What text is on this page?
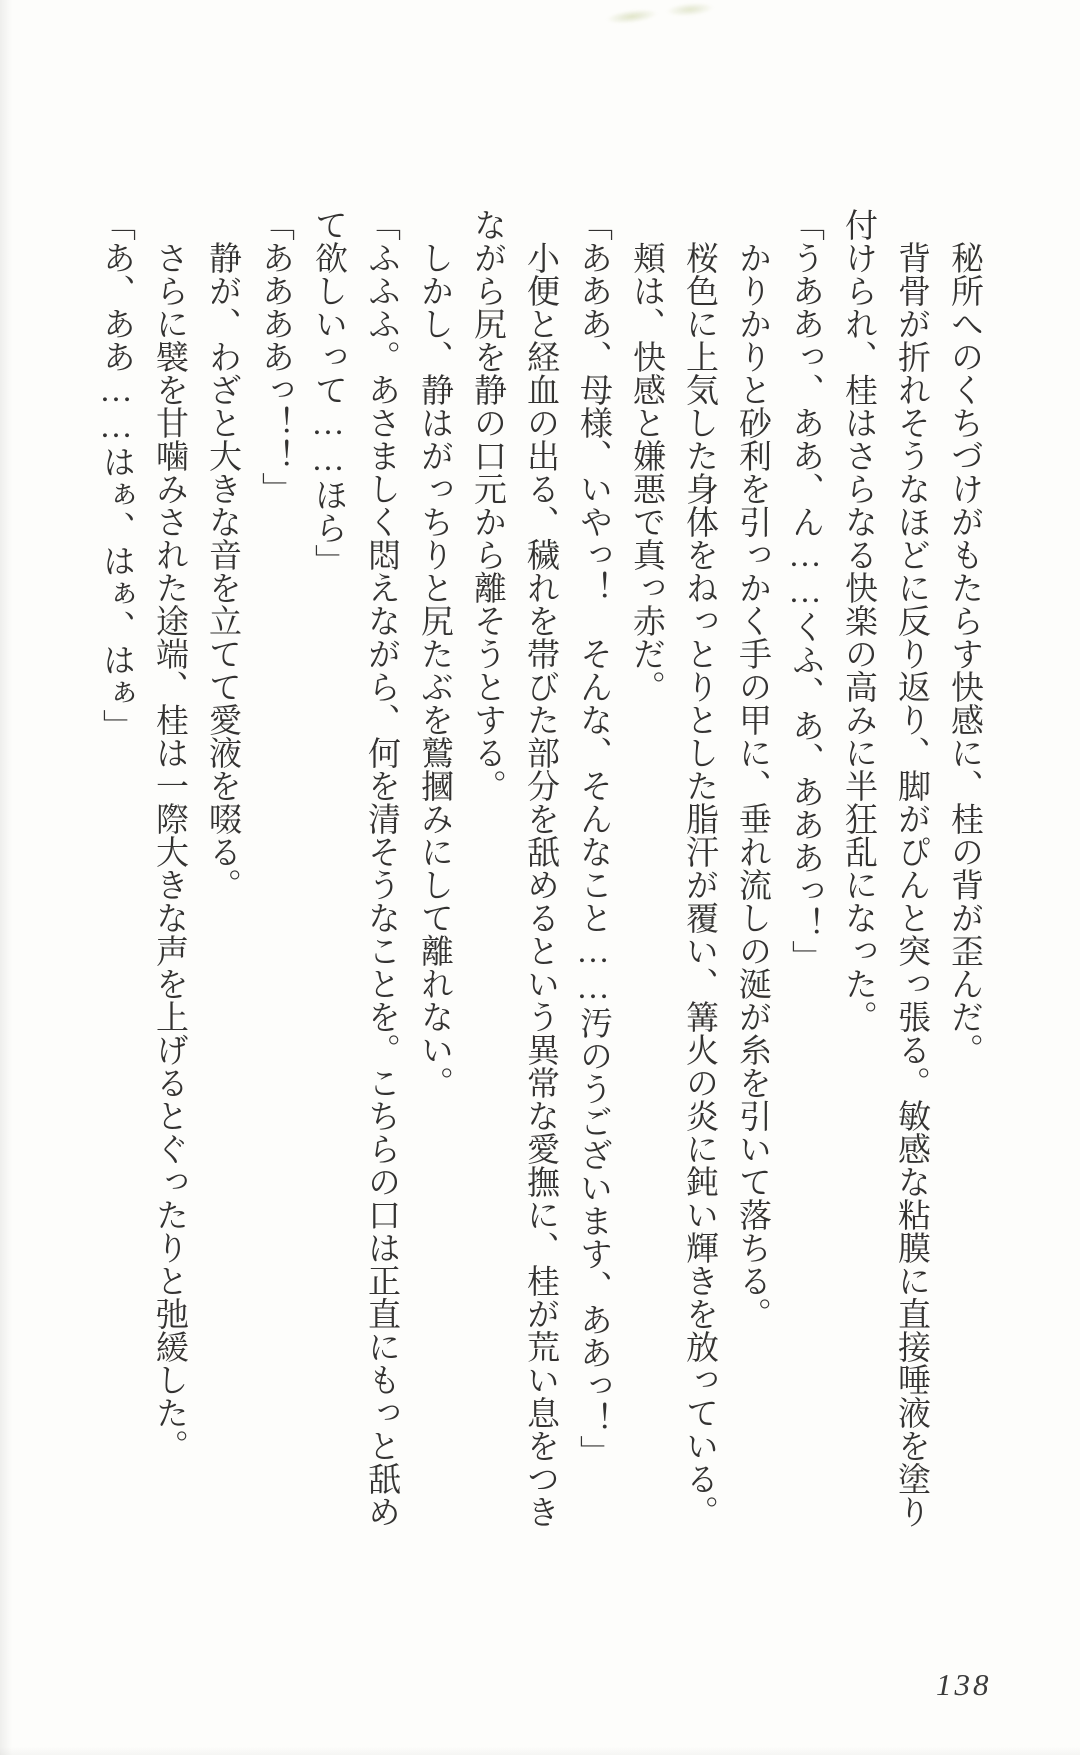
秘所へのくちづけがもたらす快感に、桂の背が歪んだ。

背骨が折れそうなほどに反り返り、脚がぴんと突っ張る。敏感な粘膜に直接唾液を塗り付けられ、桂はさらなる快楽の高みに半狂乱になった。

「うああっ、ああ、ん……くふ、あ、あああっ！」

かりかりと砂利を引っかく手の甲に、垂れ流しの涎が糸を引いて落ちる。

桜色に上気した身体をねっとりとした脂汗が覆い、篝火の炎に鈍い輝きを放っている。

頬は、快感と嫌悪で真っ赤だ。

「あああ、母様、いやっ！　そんな、そんなこと……汚のうございます、ああっ！」

小便と経血の出る、穢れを帯びた部分を舐めるという異常な愛撫に、桂が荒い息をつきながら尻を静の口元から離そうとする。

しかし、静はがっちりと尻たぶを鷲摑みにして離れない。

「ふふふ。あさましく悶えながら、何を清そうなことを。こちらの口は正直にもっと舐めて欲しいって……ほら」

「ああああっ！！」

静が、わざと大きな音を立てて愛液を啜る。

さらに襞を甘噛みされた途端、桂は一際大きな声を上げるとぐったりと弛緩した。

「あ、ああ……はぁ、はぁ、はぁ」

138
